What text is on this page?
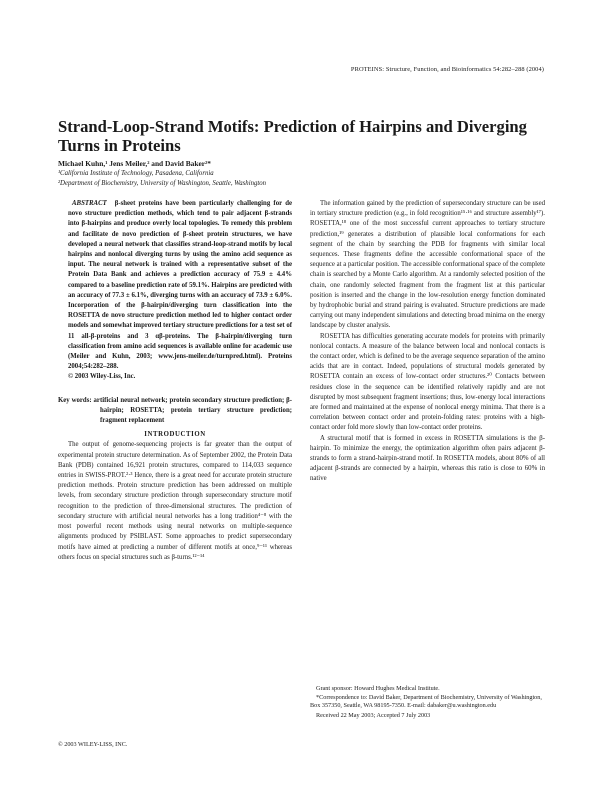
PROTEINS: Structure, Function, and Bioinformatics 54:282–288 (2004)
Strand-Loop-Strand Motifs: Prediction of Hairpins and Diverging Turns in Proteins
Michael Kuhn,¹ Jens Meiler,² and David Baker²*
¹California Institute of Technology, Pasadena, California
²Department of Biochemistry, University of Washington, Seattle, Washington

ABSTRACT β-sheet proteins have been particularly challenging for de novo structure prediction methods, which tend to pair adjacent β-strands into β-hairpins and produce overly local topologies. To remedy this problem and facilitate de novo prediction of β-sheet protein structures, we have developed a neural network that classifies strand-loop-strand motifs by local hairpins and nonlocal diverging turns by using the amino acid sequence as input. The neural network is trained with a representative subset of the Protein Data Bank and achieves a prediction accuracy of 75.9 ± 4.4% compared to a baseline prediction rate of 59.1%. Hairpins are predicted with an accuracy of 77.3 ± 6.1%, diverging turns with an accuracy of 73.9 ± 6.0%. Incorporation of the β-hairpin/diverging turn classification into the ROSETTA de novo structure prediction method led to higher contact order models and somewhat improved tertiary structure predictions for a test set of 11 all-β-proteins and 3 αβ-proteins. The β-hairpin/diverging turn classification from amino acid sequences is available online for academic use (Meiler and Kuhn, 2003; www.jens-meiler.de/turnpred.html). Proteins 2004;54:282–288.

© 2003 Wiley-Liss, Inc.

Key words: artificial neural network; protein secondary structure prediction; β-hairpin; ROSETTA; protein tertiary structure prediction; fragment replacement

INTRODUCTION

The output of genome-sequencing projects is far greater than the output of experimental protein structure determination. As of September 2002, the Protein Data Bank (PDB) contained 16,921 protein structures, compared to 114,033 sequence entries in SWISS-PROT.²·³ Hence, there is a great need for accurate protein structure prediction methods. Protein structure prediction has been addressed on multiple levels, from secondary structure prediction through supersecondary structure motif recognition to the prediction of three-dimensional structures. The prediction of secondary structure with artificial neural networks has a long tradition⁴⁻⁸ with the most powerful recent methods using neural networks on multiple-sequence alignments produced by PSIBLAST. Some approaches to predict supersecondary motifs have aimed at predicting a number of different motifs at once,⁹⁻¹¹ whereas others focus on special structures such as β-turns.¹²⁻¹⁴

The information gained by the prediction of supersecondary structure can be used in tertiary structure prediction (e.g., in fold recognition¹⁵·¹⁶ and structure assembly¹⁷). ROSETTA,¹⁸ one of the most successful current approaches to tertiary structure prediction,¹⁹ generates a distribution of plausible local conformations for each segment of the chain by searching the PDB for fragments with similar local sequences. These fragments define the accessible conformational space of the sequence at a particular position. The accessible conformational space of the complete chain is searched by a Monte Carlo algorithm. At a randomly selected position of the chain, one randomly selected fragment from the fragment list at this particular position is inserted and the change in the low-resolution energy function dominated by hydrophobic burial and strand pairing is evaluated. Structure predictions are made carrying out many independent simulations and detecting broad minima on the energy landscape by cluster analysis.

ROSETTA has difficulties generating accurate models for proteins with primarily nonlocal contacts. A measure of the balance between local and nonlocal contacts is the contact order, which is defined to be the average sequence separation of the amino acids that are in contact. Indeed, populations of structural models generated by ROSETTA contain an excess of low-contact order structures.²⁰ Contacts between residues close in the sequence can be identified relatively rapidly and are not disrupted by most subsequent fragment insertions; thus, low-energy local interactions are formed and maintained at the expense of nonlocal energy minima. That there is a correlation between contact order and protein-folding rates: proteins with a high-contact order fold more slowly than low-contact order proteins.

A structural motif that is formed in excess in ROSETTA simulations is the β-hairpin. To minimize the energy, the optimization algorithm often pairs adjacent β-strands to form a strand-hairpin-strand motif. In ROSETTA models, about 80% of all adjacent β-strands are connected by a hairpin, whereas this ratio is close to 60% in native

Grant sponsor: Howard Hughes Medical Institute.

*Correspondence to: David Baker, Department of Biochemistry, University of Washington, Box 357350, Seattle, WA 98195-7350. E-mail: dabaker@u.washington.edu

Received 22 May 2003; Accepted 7 July 2003

© 2003 WILEY-LISS, INC.
